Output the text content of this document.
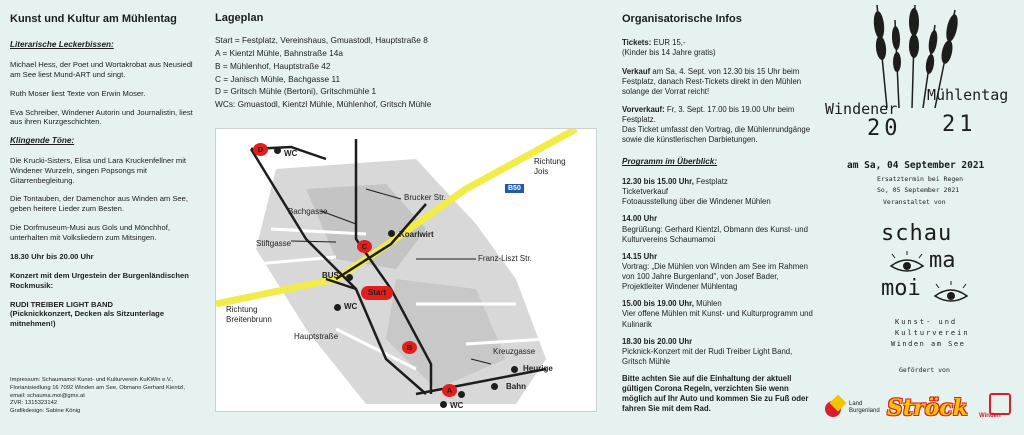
Kunst und Kultur am Mühlentag
Literarische Leckerbissen:
Michael Hess, der Poet und Wortakrobat aus Neusiedl am See liest Mund-ART und singt.
Ruth Moser liest Texte von Erwin Moser.
Eva Schreiber, Windener Autorin und Journalistin, liest aus ihren Kurzgeschichten.
Klingende Töne:
Die Krucki-Sisters, Elisa und Lara Kruckenfellner mit Windener Wurzeln, singen Popsongs mit Gitarrenbegleitung.
Die Tontauben, der Damenchor aus Winden am See, geben heitere Lieder zum Besten.
Die Dorfmuseum-Musi aus Gols und Mönchhof, unterhalten mit Volksliedern zum Mitsingen.
18.30 Uhr bis 20.00 Uhr
Konzert mit dem Urgestein der Burgenländischen Rockmusik:
RUDI TREIBER LIGHT BAND
(Picknickkonzert, Decken als Sitzunterlage mitnehmen!)
Impressum: Schaumamoi Kunst- und Kulturverein KuKWin e.V.,
Florianisiedlung 16 7092 Winden am See, Obmann Gerhard Kientzl,
email: schauma.moi@gmx.at
ZVR: 1315323142
Grafikdesign: Sabine König
Lageplan
Start = Festplatz, Vereinshaus, Gmuastodl, Hauptstraße 8
A = Kientzl Mühle, Bahnstraße 14a
B = Mühlenhof, Hauptstraße 42
C = Janisch Mühle, Bachgasse 11
D = Gritsch Mühle (Bertoni), Gritschmühle 1
WCs: Gmuastodl, Kientzl Mühle, Mühlenhof, Gritsch Mühle
Richtung
Jois
B50
Brucker Str.
Bachgasse
Koarlwirt
Stiftgasse
Franz-Liszt Str.
BUS
WC
Richtung
Breitenbrunn
Hauptstraße
Kreuzgasse
Heurige
Bahn
WC
WC
D
C
Start
B
A
Organisatorische Infos
Tickets: EUR 15,-
(Kinder bis 14 Jahre gratis)
Verkauf am Sa, 4. Sept. von 12.30 bis 15 Uhr beim Festplatz, danach Rest-Tickets direkt in den Mühlen solange der Vorrat reicht!
Vorverkauf: Fr, 3. Sept. 17.00 bis 19.00 Uhr beim Festplatz.
Das Ticket umfasst den Vortrag, die Mühlenrundgänge sowie die künstlerischen Darbietungen.
Programm im Überblick:
12.30 bis 15.00 Uhr, Festplatz
Ticketverkauf
Fotoausstellung über die Windener Mühlen
14.00 Uhr
Begrüßung: Gerhard Kientzl, Obmann des Kunst- und Kulturvereins Schaumamoi
14.15 Uhr
Vortrag: „Die Mühlen von Winden am See im Rahmen von 100 Jahre Burgenland", von Josef Bader, Projektleiter Windener Mühlentag
15.00 bis 19.00 Uhr, Mühlen
Vier offene Mühlen mit Kunst- und Kulturprogramm und Kulinarik
18.30 bis 20.00 Uhr
Picknick-Konzert mit der Rudi Treiber Light Band, Gritsch Mühle
Bitte achten Sie auf die Einhaltung der aktuell gültigen Corona Regeln, verzichten Sie wenn möglich auf Ihr Auto und kommen Sie zu Fuß oder fahren Sie mit dem Rad.
Windener
Mühlentag
20 21
am Sa, 04 September 2021
Ersatztermin bei Regen
So, 05 September 2021
Veranstaltet von
schau
ma
moi
Kunst- und
Kulturverein
Winden am See
Gefördert von
Land
Burgenland Ströck Winden
